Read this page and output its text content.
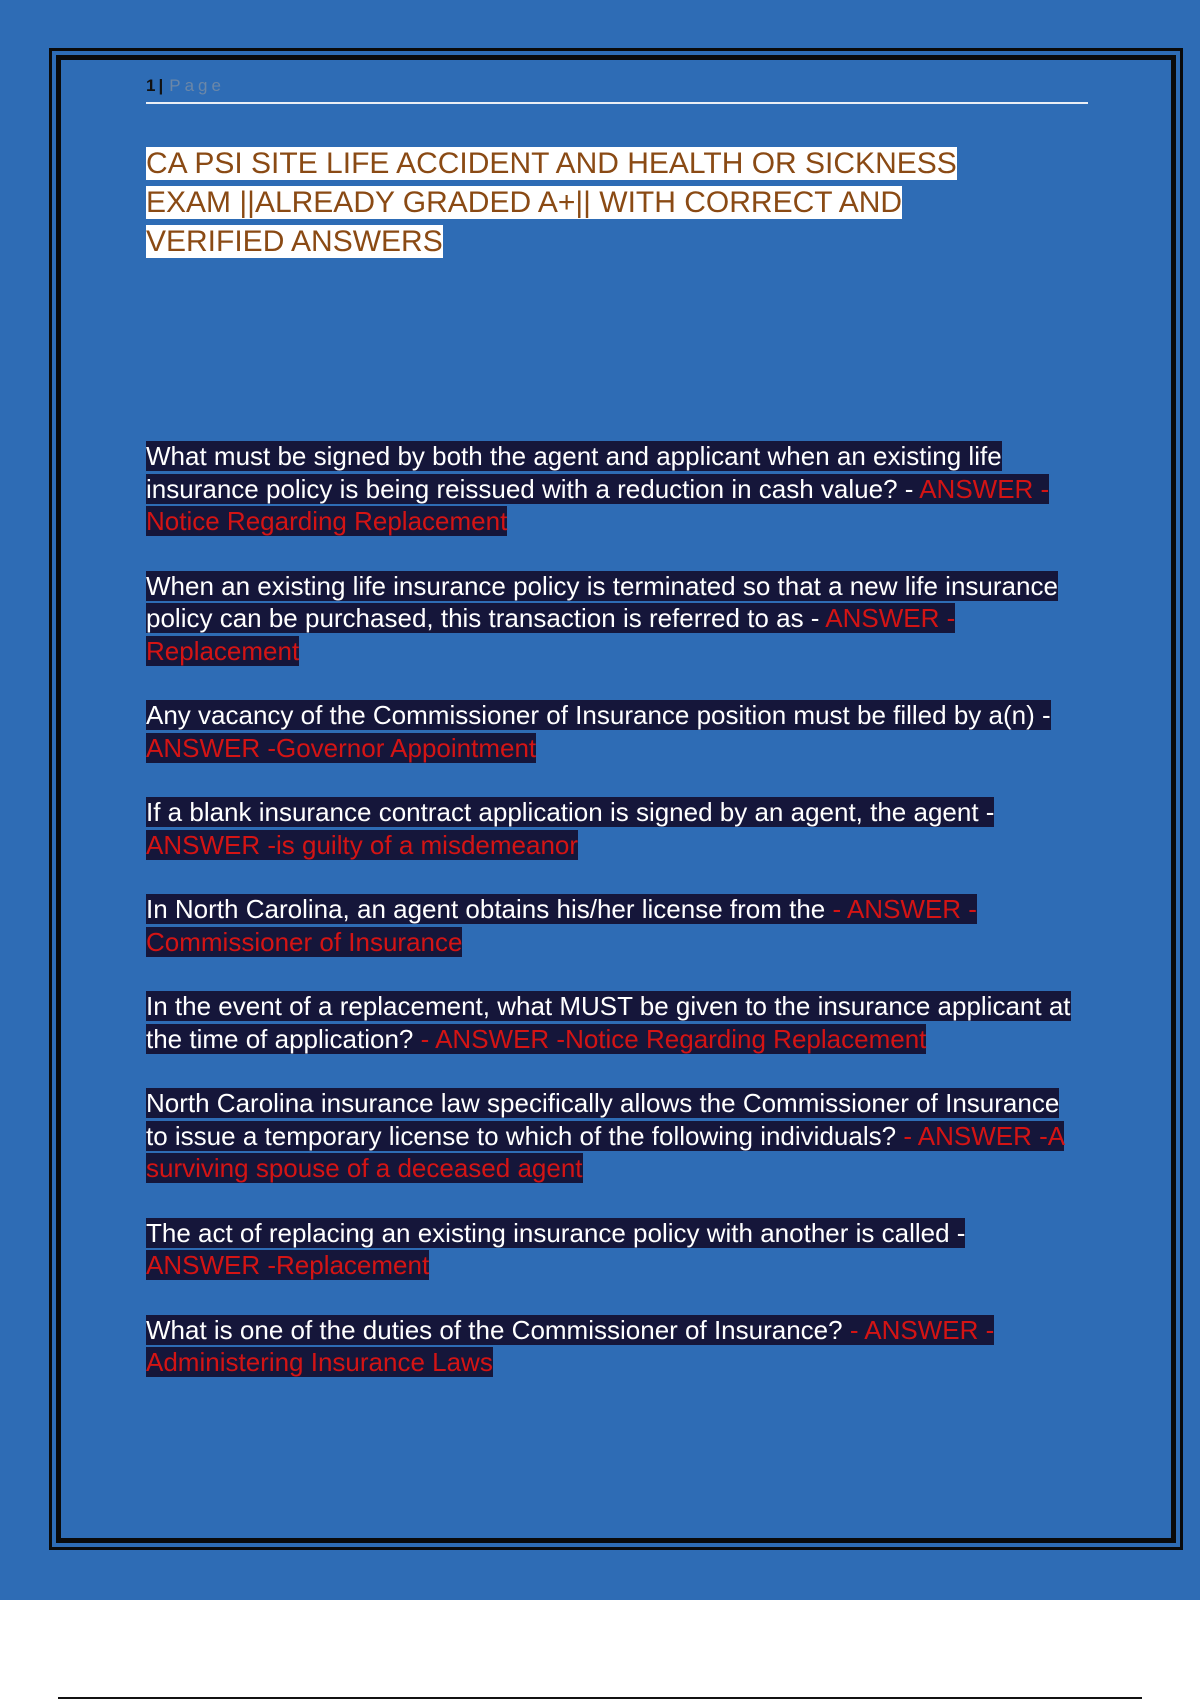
1 | Page
CA PSI SITE LIFE ACCIDENT AND HEALTH OR SICKNESS EXAM ||ALREADY GRADED A+|| WITH CORRECT AND VERIFIED ANSWERS
What must be signed by both the agent and applicant when an existing life insurance policy is being reissued with a reduction in cash value? - ANSWER -Notice Regarding Replacement
When an existing life insurance policy is terminated so that a new life insurance policy can be purchased, this transaction is referred to as - ANSWER -Replacement
Any vacancy of the Commissioner of Insurance position must be filled by a(n) - ANSWER -Governor Appointment
If a blank insurance contract application is signed by an agent, the agent - ANSWER -is guilty of a misdemeanor
In North Carolina, an agent obtains his/her license from the - ANSWER -Commissioner of Insurance
In the event of a replacement, what MUST be given to the insurance applicant at the time of application? - ANSWER -Notice Regarding Replacement
North Carolina insurance law specifically allows the Commissioner of Insurance to issue a temporary license to which of the following individuals? - ANSWER -A surviving spouse of a deceased agent
The act of replacing an existing insurance policy with another is called - ANSWER -Replacement
What is one of the duties of the Commissioner of Insurance? - ANSWER -Administering Insurance Laws
